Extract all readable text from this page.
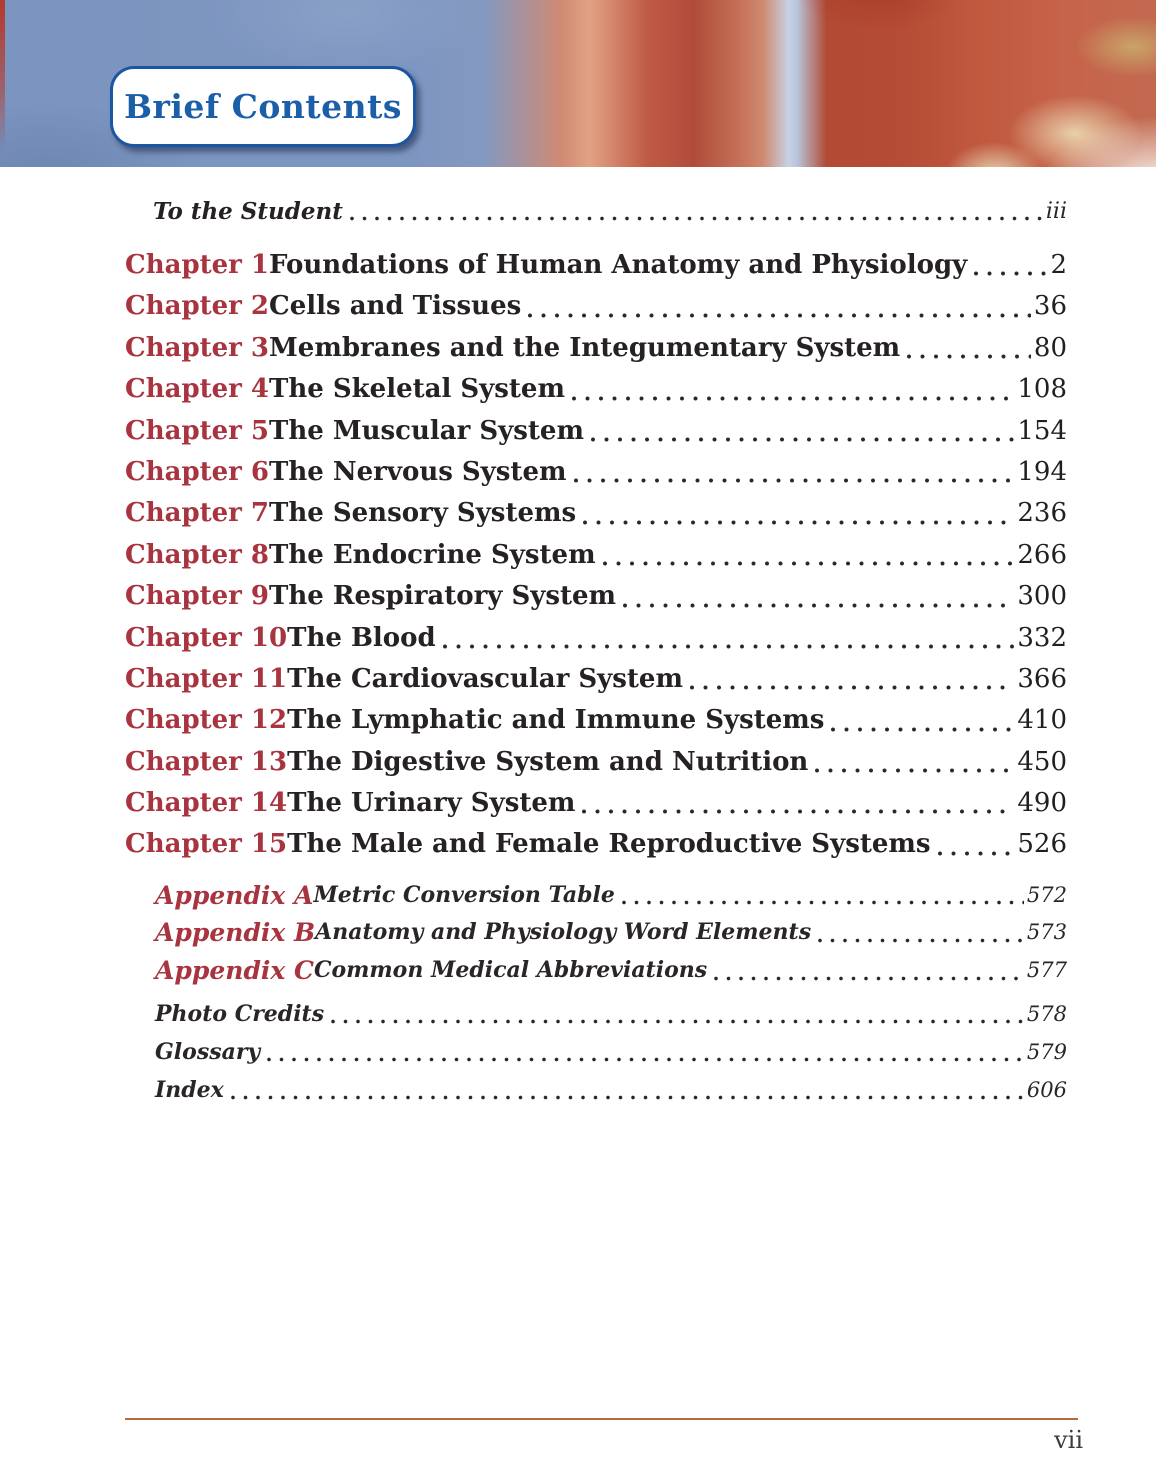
Brief Contents
To the Student	iii
Chapter 1 Foundations of Human Anatomy and Physiology	2
Chapter 2 Cells and Tissues	36
Chapter 3 Membranes and the Integumentary System	80
Chapter 4 The Skeletal System	108
Chapter 5 The Muscular System	154
Chapter 6 The Nervous System	194
Chapter 7 The Sensory Systems	236
Chapter 8 The Endocrine System	266
Chapter 9 The Respiratory System	300
Chapter 10 The Blood	332
Chapter 11 The Cardiovascular System	366
Chapter 12 The Lymphatic and Immune Systems	410
Chapter 13 The Digestive System and Nutrition	450
Chapter 14 The Urinary System	490
Chapter 15 The Male and Female Reproductive Systems	526
Appendix A Metric Conversion Table	572
Appendix B Anatomy and Physiology Word Elements	573
Appendix C Common Medical Abbreviations	577
Photo Credits	578
Glossary	579
Index	606
vii
